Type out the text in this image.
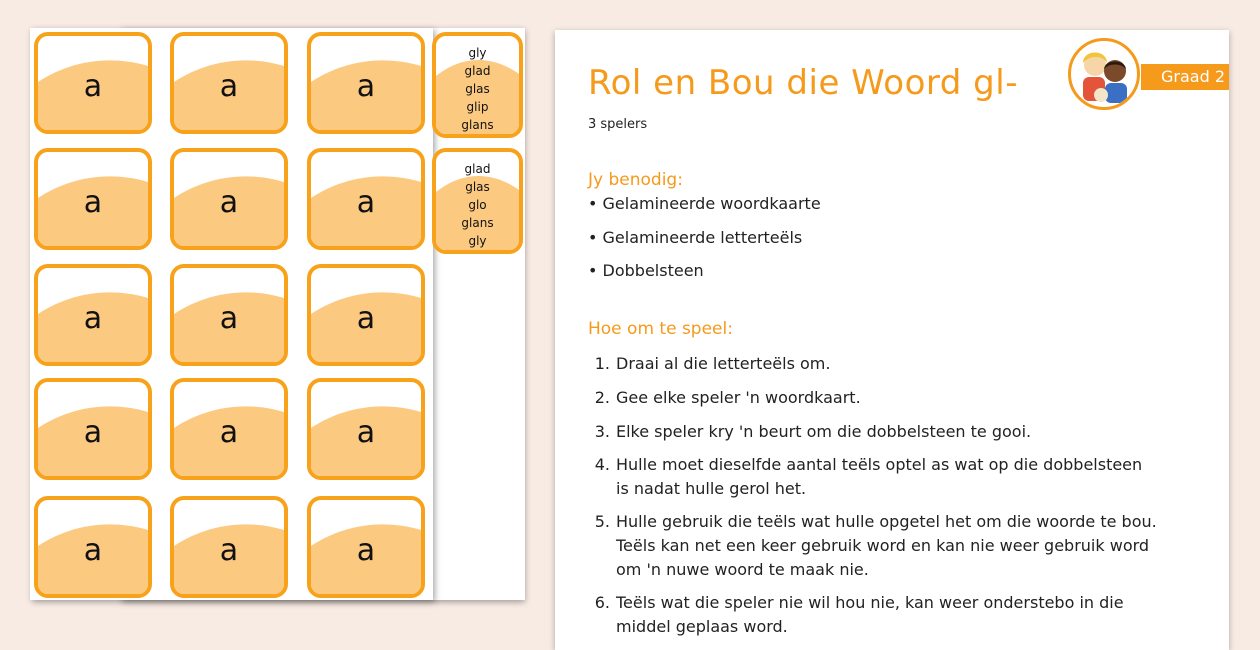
a	a	a
a	a	a
a	a	a
a	a	a
a	a	a
gly
glad
glas
glip
glans
glad
glas
glo
glans
gly
Rol en Bou die Woord gl-
3 spelers
Graad 2
Jy benodig:
• Gelamineerde woordkaarte
• Gelamineerde letterteëls
• Dobbelsteen
Hoe om te speel:
1. Draai al die letterteëls om.
2. Gee elke speler 'n woordkaart.
3. Elke speler kry 'n beurt om die dobbelsteen te gooi.
4. Hulle moet dieselfde aantal teëls optel as wat op die dobbelsteen is nadat hulle gerol het.
5. Hulle gebruik die teëls wat hulle opgetel het om die woorde te bou. Teëls kan net een keer gebruik word en kan nie weer gebruik word om 'n nuwe woord te maak nie.
6. Teëls wat die speler nie wil hou nie, kan weer onderstebo in die middel geplaas word.
